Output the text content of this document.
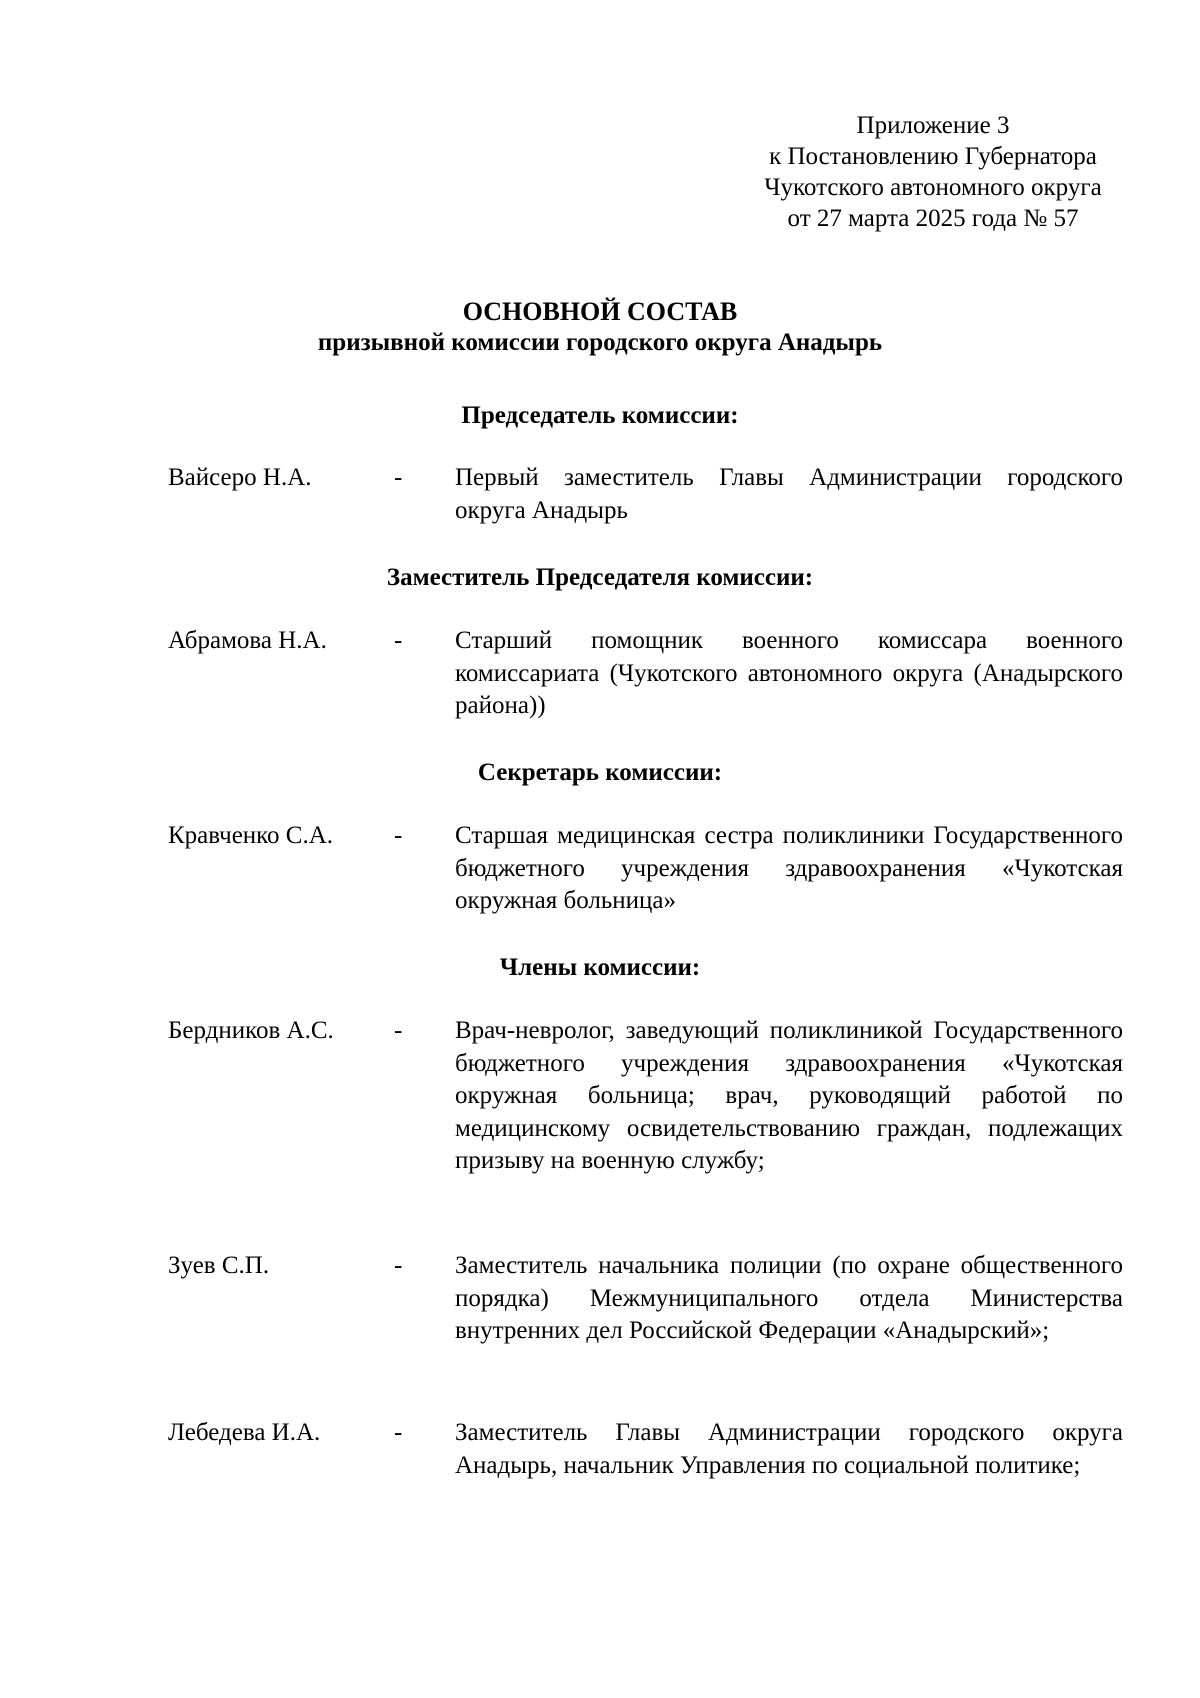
Приложение 3
к Постановлению Губернатора
Чукотского автономного округа
от 27 марта 2025 года № 57
ОСНОВНОЙ СОСТАВ
призывной комиссии городского округа Анадырь
Председатель комиссии:
Вайсеро Н.А.	- Первый заместитель Главы Администрации городского округа Анадырь
Заместитель Председателя комиссии:
Абрамова Н.А.	- Старший помощник военного комиссара военного комиссариата (Чукотского автономного округа (Анадырского района))
Секретарь комиссии:
Кравченко С.А. - Старшая медицинская сестра поликлиники Государственного бюджетного учреждения здравоохранения «Чукотская окружная больница»
Члены комиссии:
Бердников А.С. - Врач-невролог, заведующий поликлиникой Государственного бюджетного учреждения здравоохранения «Чукотская окружная больница; врач, руководящий работой по медицинскому освидетельствованию граждан, подлежащих призыву на военную службу;
Зуев С.П.	- Заместитель начальника полиции (по охране общественного порядка) Межмуниципального отдела Министерства внутренних дел Российской Федерации «Анадырский»;
Лебедева И.А.	- Заместитель Главы Администрации городского округа Анадырь, начальник Управления по социальной политике;
